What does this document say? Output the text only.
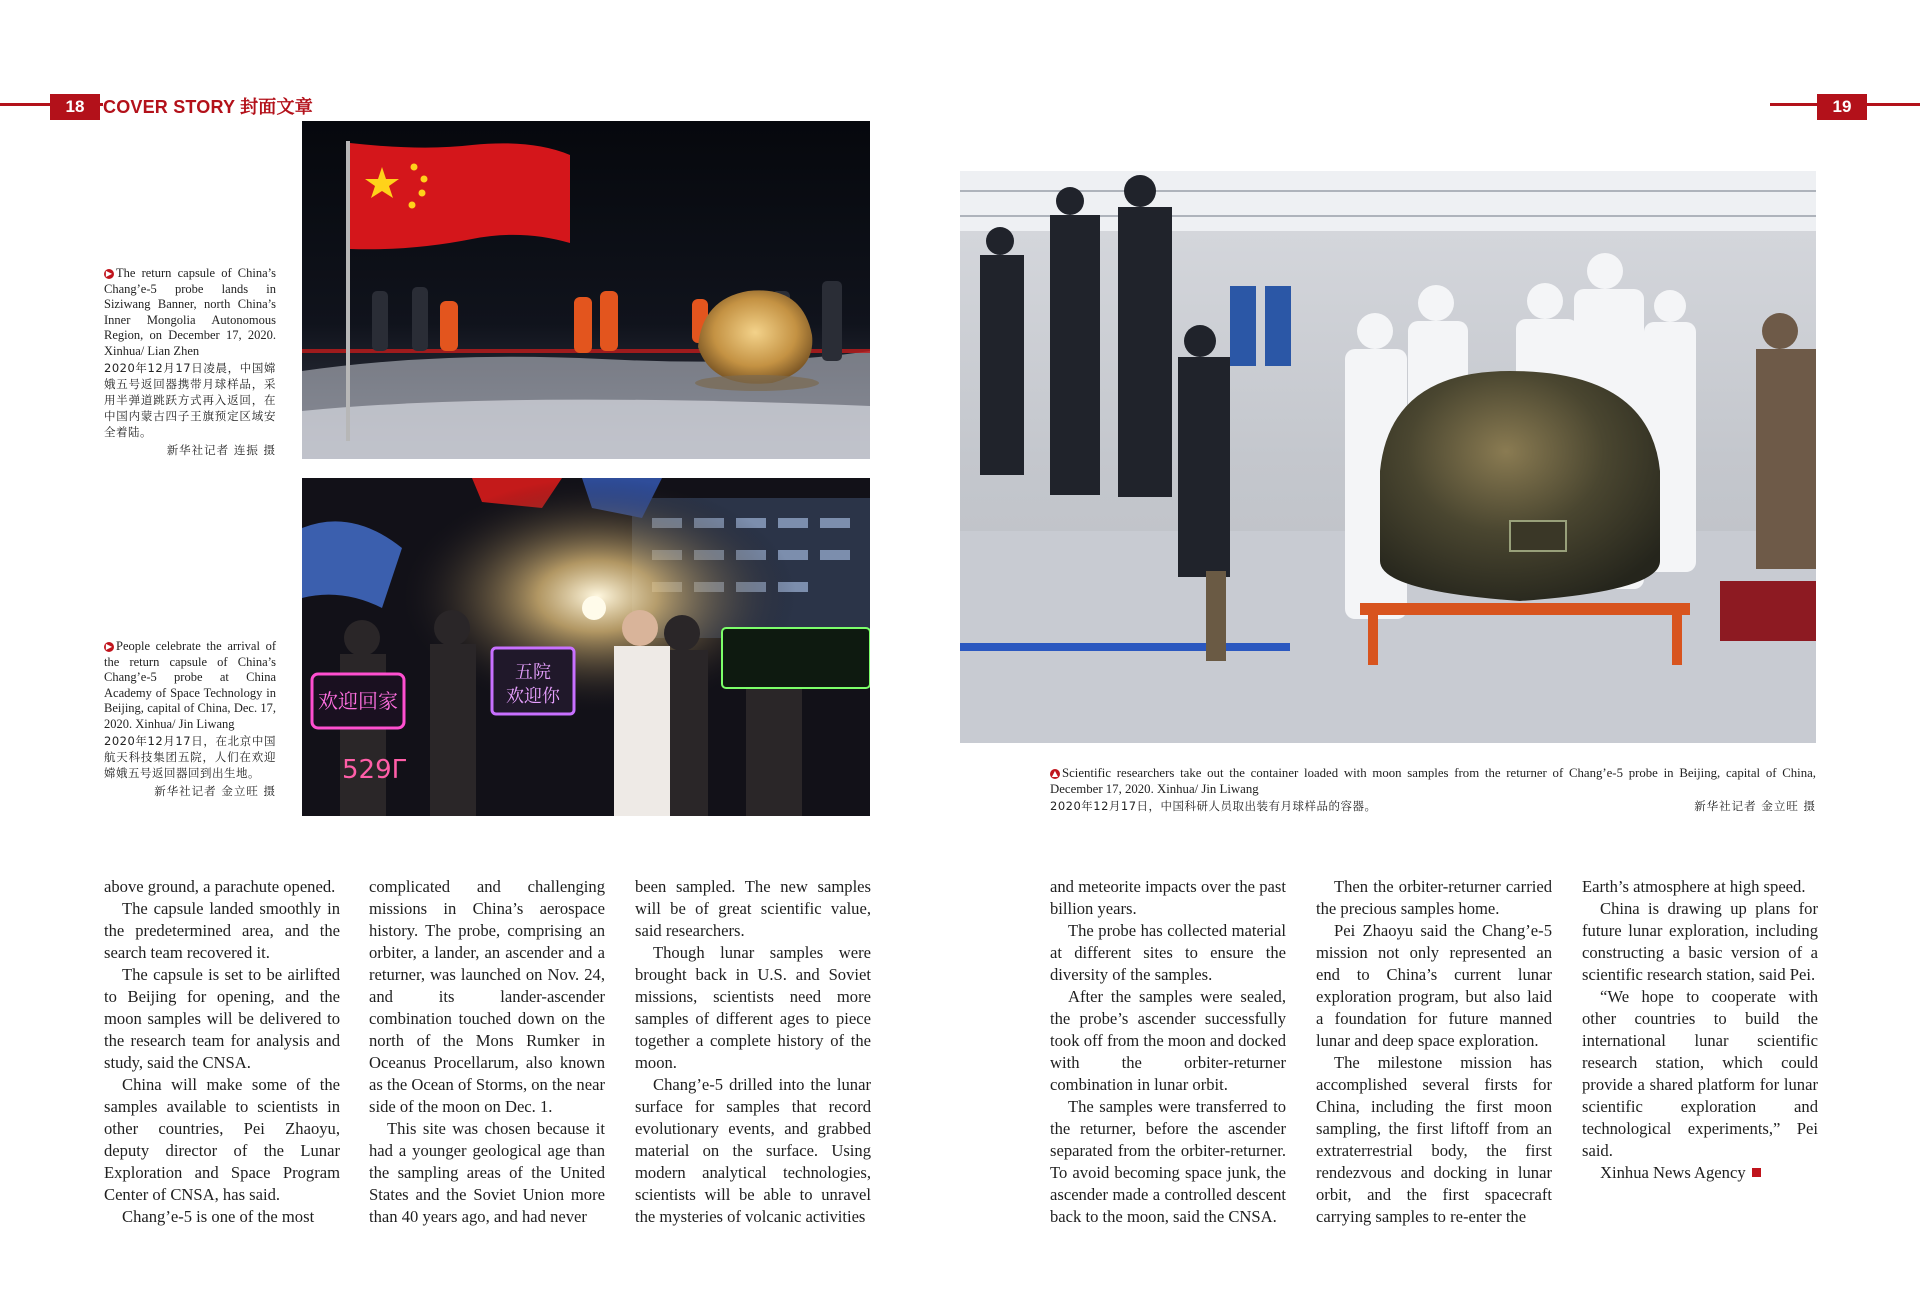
18	COVER STORY 封面文章	19
▶ The return capsule of China’s Chang’e-5 probe lands in Siziwang Banner, north China’s Inner Mongolia Autonomous Region, on December 17, 2020. Xinhua/ Lian Zhen
2020年12月17日凌晨，中国嫦娥五号返回器携带月球样品，采用半弹道跳跃方式再入返回，在中国内蒙古四子王旗预定区域安全着陆。
新华社记者 连振 摄
欢迎回家
五院
欢迎你
529Γ
▶ People celebrate the arrival of the return capsule of China’s Chang’e-5 probe at China Academy of Space Technology in Beijing, capital of China, Dec. 17, 2020. Xinhua/ Jin Liwang
2020年12月17日，在北京中国航天科技集团五院，人们在欢迎嫦娥五号返回器回到出生地。
新华社记者 金立旺 摄
▲ Scientific researchers take out the container loaded with moon samples from the returner of Chang’e-5 probe in Beijing, capital of China, December 17, 2020. Xinhua/ Jin Liwang
2020年12月17日，中国科研人员取出装有月球样品的容器。	新华社记者 金立旺 摄

above ground, a parachute opened.

The capsule landed smoothly in the predetermined area, and the search team recovered it.

The capsule is set to be airlifted to Beijing for opening, and the moon samples will be delivered to the research team for analysis and study, said the CNSA.

China will make some of the samples available to scientists in other countries, Pei Zhaoyu, deputy director of the Lunar Exploration and Space Program Center of CNSA, has said.

Chang’e-5 is one of the most

complicated and challenging missions in China’s aerospace history. The probe, comprising an orbiter, a lander, an ascender and a returner, was launched on Nov. 24, and its lander-ascender combination touched down on the north of the Mons Rumker in Oceanus Procellarum, also known as the Ocean of Storms, on the near side of the moon on Dec. 1.

This site was chosen because it had a younger geological age than the sampling areas of the United States and the Soviet Union more than 40 years ago, and had never

been sampled. The new samples will be of great scientific value, said researchers.

Though lunar samples were brought back in U.S. and Soviet missions, scientists need more samples of different ages to piece together a complete history of the moon.

Chang’e-5 drilled into the lunar surface for samples that record evolutionary events, and grabbed material on the surface. Using modern analytical technologies, scientists will be able to unravel the mysteries of volcanic activities

and meteorite impacts over the past billion years.

The probe has collected material at different sites to ensure the diversity of the samples.

After the samples were sealed, the probe’s ascender successfully took off from the moon and docked with the orbiter-returner combination in lunar orbit.

The samples were transferred to the returner, before the ascender separated from the orbiter-returner. To avoid becoming space junk, the ascender made a controlled descent back to the moon, said the CNSA.

Then the orbiter-returner carried the precious samples home.

Pei Zhaoyu said the Chang’e-5 mission not only represented an end to China’s current lunar exploration program, but also laid a foundation for future manned lunar and deep space exploration.

The milestone mission has accomplished several firsts for China, including the first moon sampling, the first liftoff from an extraterrestrial body, the first rendezvous and docking in lunar orbit, and the first spacecraft carrying samples to re-enter the

Earth’s atmosphere at high speed.

China is drawing up plans for future lunar exploration, including constructing a basic version of a scientific research station, said Pei.

“We hope to cooperate with other countries to build the international lunar scientific research station, which could provide a shared platform for lunar scientific exploration and technological experiments,” Pei said.

Xinhua News Agency
